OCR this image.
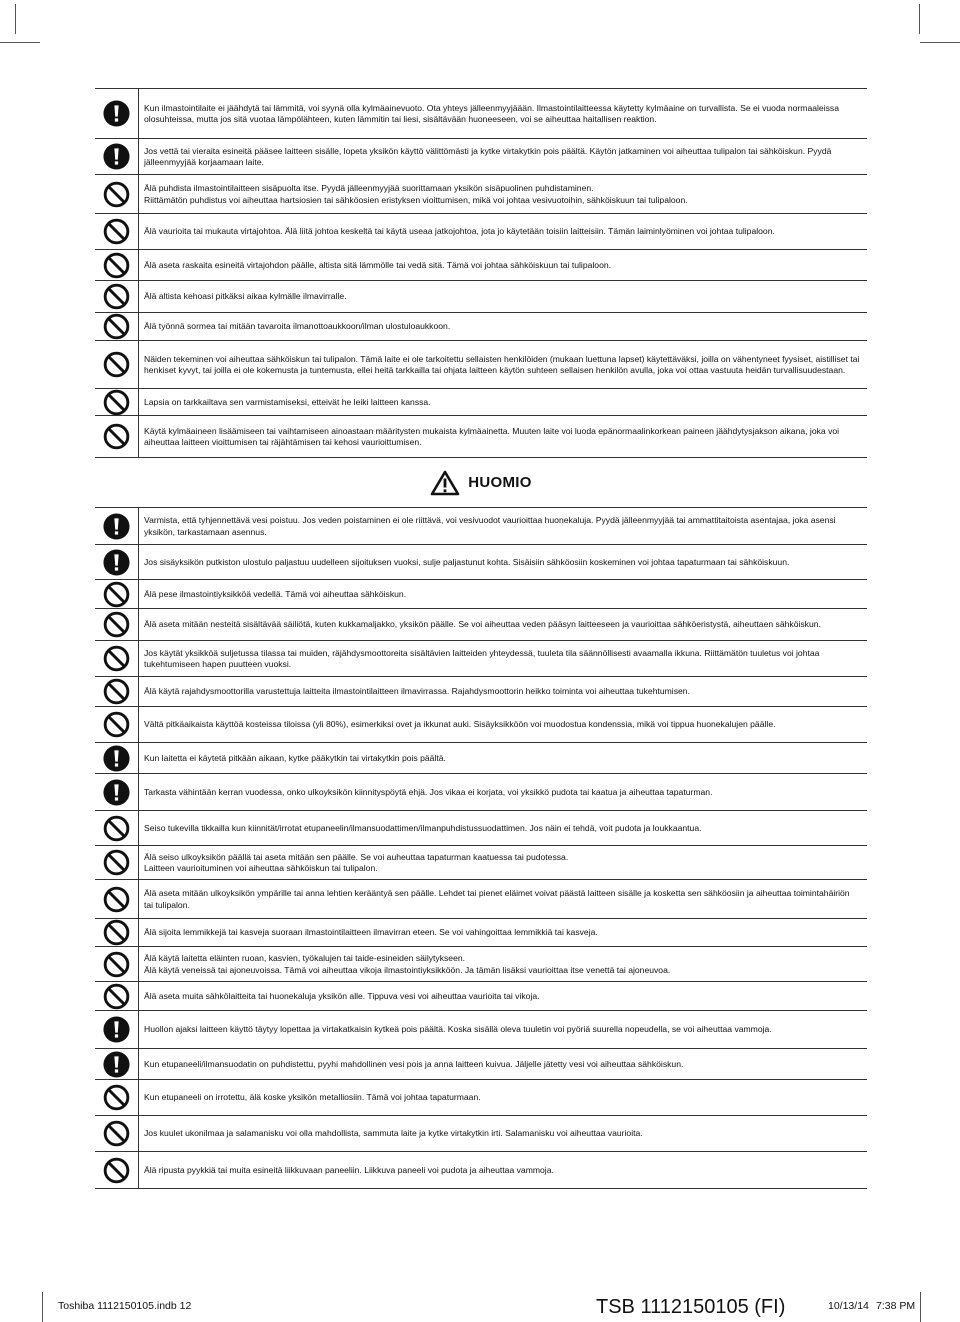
Kun ilmastointilaite ei jäähdytä tai lämmitä, voi syynä olla kylmäainevuoto. Ota yhteys jälleenmyyjäään. Ilmastointilaitteessa käytetty kylmäaine on turvallista. Se ei vuoda normaaleissa olosuhteissa, mutta jos sitä vuotaa lämpölähteen, kuten lämmitin tai liesi, sisältävään huoneeseen, voi se aiheuttaa haitallisen reaktion.
Jos vettä tai vieraita esineitä pääsee laitteen sisälle, lopeta yksikön käyttö välittömästi ja kytke virtakytkin pois päältä. Käytön jatkaminen voi aiheuttaa tulipalon tai sähköiskun. Pyydä jälleenmyyjää korjaamaan laite.
Älä puhdista ilmastointilaitteen sisäpuolta itse. Pyydä jälleenmyyjää suorittamaan yksikön sisäpuolinen puhdistaminen.
Riittämätön puhdistus voi aiheuttaa hartsiosien tai sähköosien eristyksen vioittumisen, mikä voi johtaa vesivuotoihin, sähköiskuun tai tulipaloon.
Älä vaurioita tai mukauta virtajohtoa. Älä liitä johtoa keskeltä tai käytä useaa jatkojohtoa, jota jo käytetään toisiin laitteisiin. Tämän laiminlyöminen voi johtaa tulipaloon.
Älä aseta raskaita esineitä virtajohdon päälle, altista sitä lämmölle tai vedä sitä. Tämä voi johtaa sähköiskuun tai tulipaloon.
Älä altista kehoasi pitkäksi aikaa kylmälle ilmavirralle.
Älä työnnä sormea tai mitään tavaroita ilmanottoaukkoon/ilman ulostuloaukkoon.
Näiden tekeminen voi aiheuttaa sähköiskun tai tulipalon. Tämä laite ei ole tarkoitettu sellaisten henkilöiden (mukaan luettuna lapset) käytettäväksi, joilla on vähentyneet fyysiset, aistilliset tai henkiset kyvyt, tai joilla ei ole kokemusta ja tuntemusta, ellei heitä tarkkailla tai ohjata laitteen käytön suhteen sellaisen henkilön avulla, joka voi ottaa vastuuta heidän turvallisuudestaan.
Lapsia on tarkkailtava sen varmistamiseksi, etteivät he leiki laitteen kanssa.
Käytä kylmäaineen lisäämiseen tai vaihtamiseen ainoastaan määritysten mukaista kylmäainetta. Muuten laite voi luoda epänormaalinkorkean paineen jäähdytysjakson aikana, joka voi aiheuttaa laitteen vioittumisen tai räjähtämisen tai kehosi vaurioittumisen.
HUOMIO
Varmista, että tyhjennettävä vesi poistuu. Jos veden poistaminen ei ole riittävä, voi vesivuodot vaurioittaa huonekaluja. Pyydä jälleenmyyjää tai ammattitaitoista asentajaa, joka asensi yksikön, tarkastamaan asennus.
Jos sisäyksikön putkiston ulostulo paljastuu uudelleen sijoituksen vuoksi, sulje paljastunut kohta. Sisäisiin sähköosiin koskeminen voi johtaa tapaturmaan tai sähköiskuun.
Älä pese ilmastointiyksikköä vedellä. Tämä voi aiheuttaa sähköiskun.
Älä aseta mitään nesteitä sisältävää säiliötä, kuten kukkamaljakko, yksikön päälle. Se voi aiheuttaa veden pääsyn laitteeseen ja vaurioittaa sähköeristystä, aiheuttaen sähköiskun.
Jos käytät yksikköä suljetussa tilassa tai muiden, räjähdysmoottoreita sisältävien laitteiden yhteydessä, tuuleta tila säännöllisesti avaamalla ikkuna. Riittämätön tuuletus voi johtaa tukehtumiseen hapen puutteen vuoksi.
Älä käytä rajahdysmoottorilla varustettuja laitteita ilmastointilaitteen ilmavirrassa. Rajahdysmoottorin heikko toiminta voi aiheuttaa tukehtumisen.
Vältä pitkäaikaista käyttöä kosteissa tiloissa (yli 80%), esimerkiksi ovet ja ikkunat auki. Sisäyksikköön voi muodostua kondenssia, mikä voi tippua huonekalujen päälle.
Kun laitetta ei käytetä pitkään aikaan, kytke pääkytkin tai virtakytkin pois päältä.
Tarkasta vähintään kerran vuodessa, onko ulkoyksikön kiinnityspöytä ehjä. Jos vikaa ei korjata, voi yksikkö pudota tai kaatua ja aiheuttaa tapaturman.
Seiso tukevilla tikkailla kun kiinnität/irrotat etupaneelin/ilmansuodattimen/ilmanpuhdistussuodattimen. Jos näin ei tehdä, voit pudota ja loukkaantua.
Älä seiso ulkoyksikön päällä tai aseta mitään sen päälle. Se voi auheuttaa tapaturman kaatuessa tai pudotessa.
Laitteen vaurioituminen voi aiheuttaa sähköiskun tai tulipalon.
Älä aseta mitään ulkoyksikön ympärille tai anna lehtien kerääntyä sen päälle. Lehdet tai pienet eläimet voivat päästä laitteen sisälle ja kosketta sen sähköosiin ja aiheuttaa toimintahäiriön tai tulipalon.
Älä sijoita lemmikkejä tai kasveja suoraan ilmastointilaitteen ilmavirran eteen. Se voi vahingoittaa lemmikkiä tai kasveja.
Älä käytä laitetta eläinten ruoan, kasvien, työkalujen tai taide-esineiden säilytykseen.
Älä käytä veneissä tai ajoneuvoissa. Tämä voi aiheuttaa vikoja ilmastointiyksikköön. Ja tämän lisäksi vaurioittaa itse venettä tai ajoneuvoa.
Älä aseta muita sähkölaitteita tai huonekaluja yksikön alle. Tippuva vesi voi aiheuttaa vaurioita tai vikoja.
Huollon ajaksi laitteen käyttö täytyy lopettaa ja virtakatkaisin kytkeä pois päältä. Koska sisällä oleva tuuletin voi pyöriä suurella nopeudella, se voi aiheuttaa vammoja.
Kun etupaneeli/ilmansuodatin on puhdistettu, pyyhi mahdollinen vesi pois ja anna laitteen kuivua. Jäljelle jätetty vesi voi aiheuttaa sähköiskun.
Kun etupaneeli on irrotettu, älä koske yksikön metalliosiin. Tämä voi johtaa tapaturmaan.
Jos kuulet ukonilmaa ja salamanisku voi olla mahdollista, sammuta laite ja kytke virtakytkin irti. Salamanisku voi aiheuttaa vaurioita.
Älä ripusta pyykkiä tai muita esineitä liikkuvaan paneeliin. Liikkuva paneeli voi pudota ja aiheuttaa vammoja.
Toshiba 1112150105.indb 12	TSB 1112150105 (FI)	10/13/14 7:38 PM
